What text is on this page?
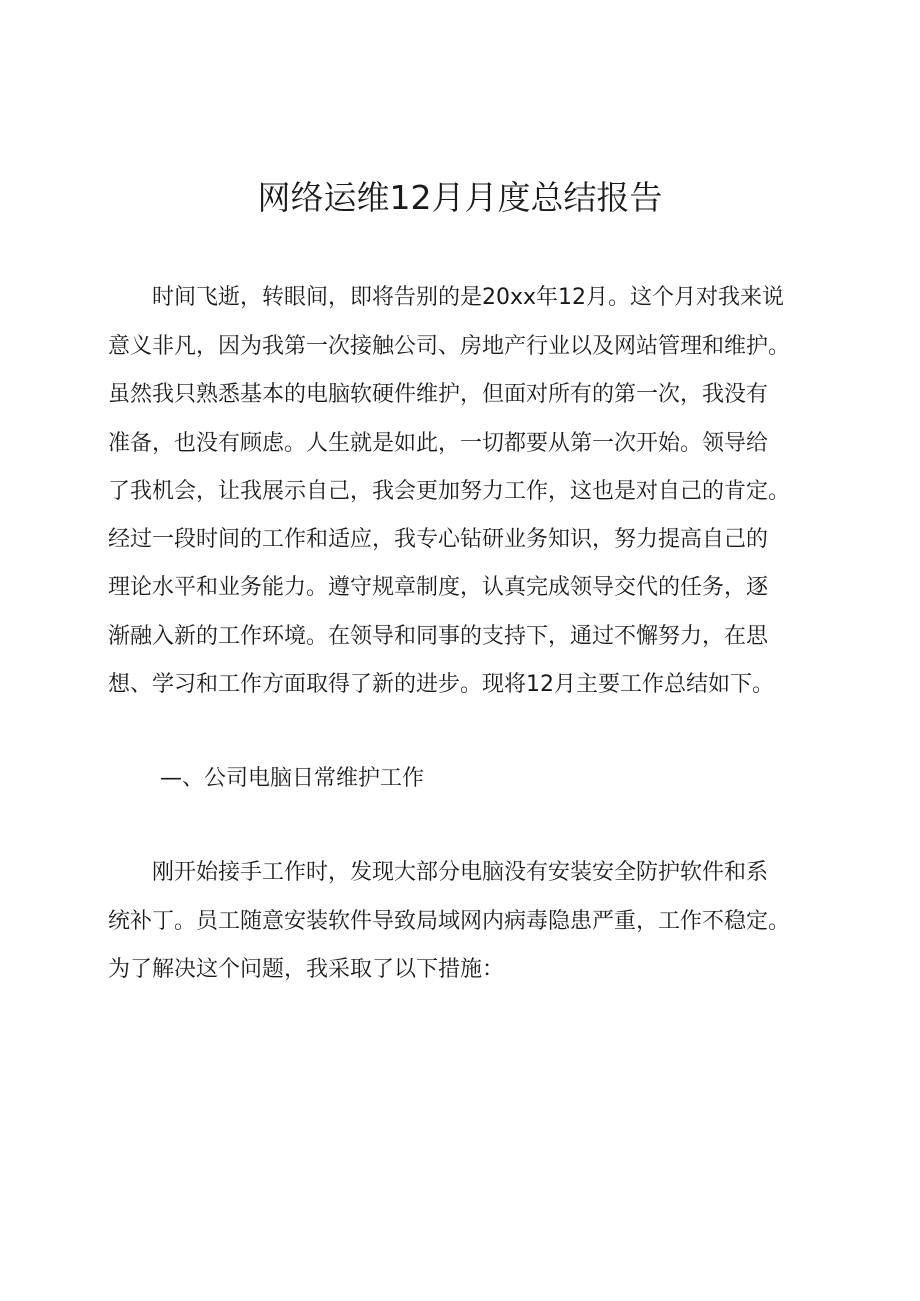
网络运维12月月度总结报告

时间飞逝，转眼间，即将告别的是20xx年12月。这个月对我来说

意义非凡，因为我第一次接触公司、房地产行业以及网站管理和维护。

虽然我只熟悉基本的电脑软硬件维护，但面对所有的第一次，我没有

准备，也没有顾虑。人生就是如此，一切都要从第一次开始。领导给

了我机会，让我展示自己，我会更加努力工作，这也是对自己的肯定。

经过一段时间的工作和适应，我专心钻研业务知识，努力提高自己的

理论水平和业务能力。遵守规章制度，认真完成领导交代的任务，逐

渐融入新的工作环境。在领导和同事的支持下，通过不懈努力，在思

想、学习和工作方面取得了新的进步。现将12月主要工作总结如下。

—、公司电脑日常维护工作

刚开始接手工作时，发现大部分电脑没有安装安全防护软件和系

统补丁。员工随意安装软件导致局域网内病毒隐患严重，工作不稳定。

为了解决这个问题，我采取了以下措施：
